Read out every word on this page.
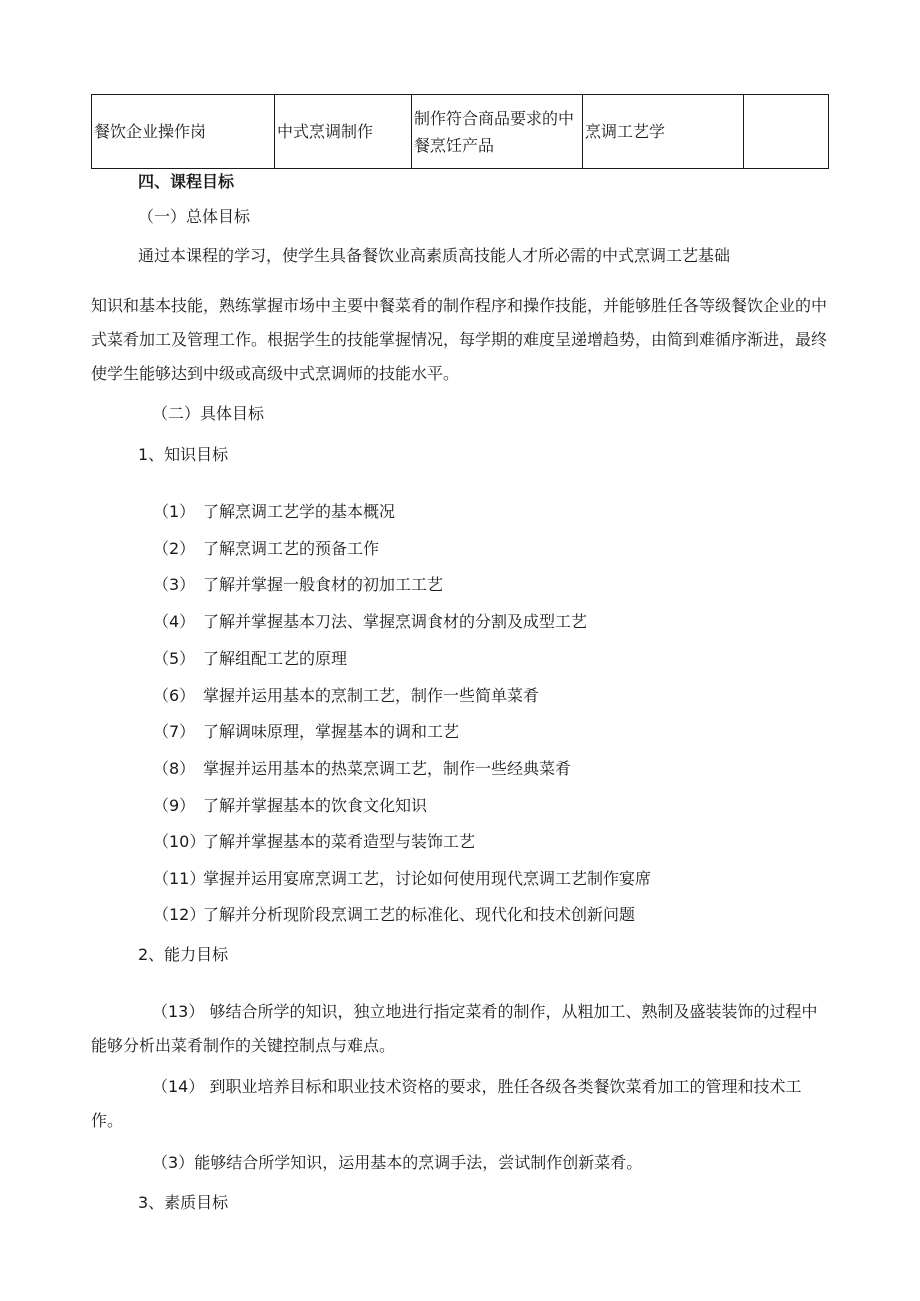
餐饮企业操作岗	中式烹调制作	制作符合商品要求的中餐烹饪产品	烹调工艺学	
四、课程目标
（一）总体目标
通过本课程的学习，使学生具备餐饮业高素质高技能人才所必需的中式烹调工艺基础
知识和基本技能，熟练掌握市场中主要中餐菜肴的制作程序和操作技能，并能够胜任各等级餐饮企业的中式菜肴加工及管理工作。根据学生的技能掌握情况，每学期的难度呈递增趋势，由简到难循序渐进，最终使学生能够达到中级或高级中式烹调师的技能水平。
（二）具体目标
1、知识目标
（1） 了解烹调工艺学的基本概况
（2） 了解烹调工艺的预备工作
（3） 了解并掌握一般食材的初加工工艺
（4） 了解并掌握基本刀法、掌握烹调食材的分割及成型工艺
（5） 了解组配工艺的原理
（6） 掌握并运用基本的烹制工艺，制作一些简单菜肴
（7） 了解调味原理，掌握基本的调和工艺
（8） 掌握并运用基本的热菜烹调工艺，制作一些经典菜肴
（9） 了解并掌握基本的饮食文化知识
（10）了解并掌握基本的菜肴造型与装饰工艺
（11）掌握并运用宴席烹调工艺，讨论如何使用现代烹调工艺制作宴席
（12）了解并分析现阶段烹调工艺的标准化、现代化和技术创新问题
2、能力目标
（13） 够结合所学的知识，独立地进行指定菜肴的制作，从粗加工、熟制及盛装装饰的过程中能够分析出菜肴制作的关键控制点与难点。
（14） 到职业培养目标和职业技术资格的要求，胜任各级各类餐饮菜肴加工的管理和技术工作。
（3）能够结合所学知识，运用基本的烹调手法，尝试制作创新菜肴。
3、素质目标
